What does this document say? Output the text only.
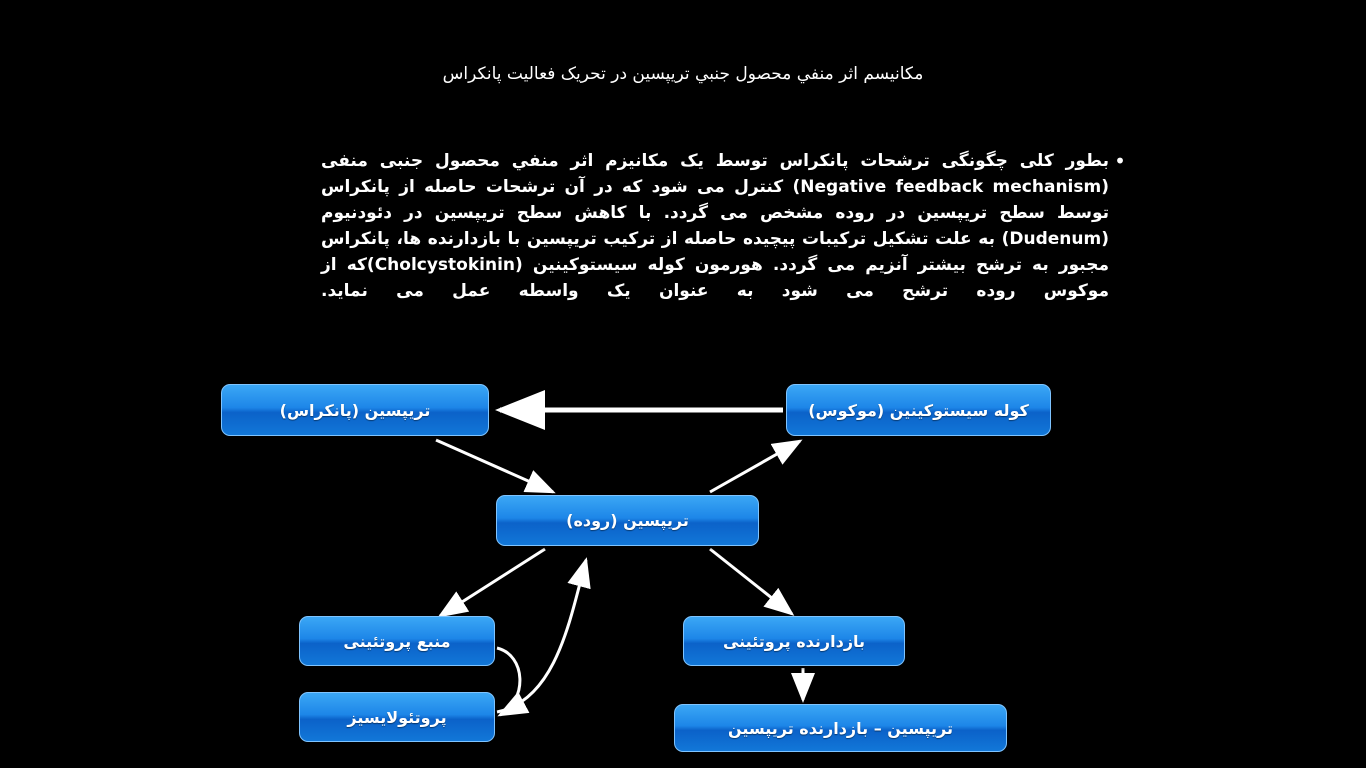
مکانيسم اثر منفي محصول جنبي تريپسين در تحريک فعاليت پانکراس
•
بطور کلی چگونگی ترشحات پانکراس توسط یک مکانیزم اثر منفي محصول جنبی منفی (Negative feedback mechanism) کنترل می شود که در آن ترشحات حاصله از پانکراس توسط سطح تریپسین در روده مشخص می گردد. با کاهش سطح تریپسین در دئودنیوم (Dudenum) به علت تشکیل ترکیبات پیچیده حاصله از ترکیب تریپسین با بازدارنده ها، پانکراس مجبور به ترشح بیشتر آنزیم می گردد. هورمون کوله سیستوکینین (Cholcystokinin)که از موکوس روده ترشح می شود به عنوان یک واسطه عمل می نماید.
تریپسین (پانکراس)	کوله سیستوکینین (موکوس)
تریپسین (روده)
منبع پروتئینی
پروتئولایسیز
بازدارنده پروتئینی
تریپسین – بازدارنده تریپسین
